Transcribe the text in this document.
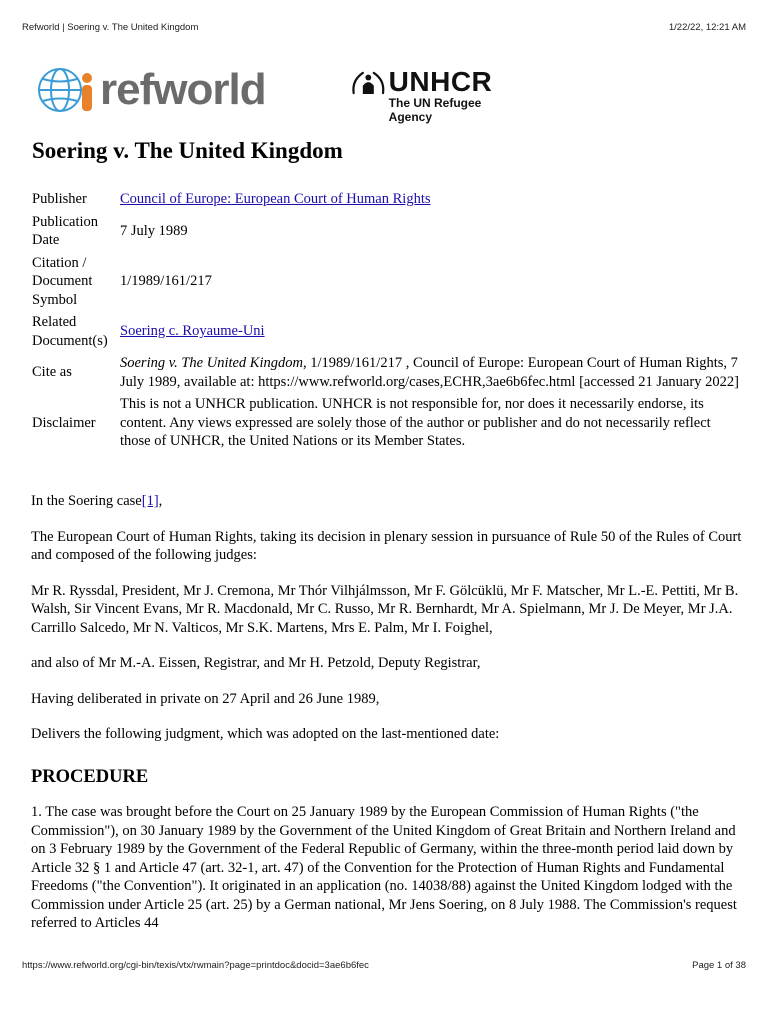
Refworld | Soering v. The United Kingdom	1/22/22, 12:21 AM
refworld	UNHCR
The UN Refugee Agency
Soering v. The United Kingdom
Publisher	Council of Europe: European Court of Human Rights
Publication
Date	7 July 1989
Citation /
Document
Symbol	1/1989/161/217
Related
Document(s)	Soering c. Royaume-Uni
Cite as	Soering v. The United Kingdom, 1/1989/161/217 , Council of Europe: European Court of Human Rights, 7 July 1989, available at: https://www.refworld.org/cases,ECHR,3ae6b6fec.html [accessed 21 January 2022]
Disclaimer	This is not a UNHCR publication. UNHCR is not responsible for, nor does it necessarily endorse, its content. Any views expressed are solely those of the author or publisher and do not necessarily reflect those of UNHCR, the United Nations or its Member States.

In the Soering case[1],

The European Court of Human Rights, taking its decision in plenary session in pursuance of Rule 50 of the Rules of Court and composed of the following judges:

Mr R. Ryssdal, President, Mr J. Cremona, Mr Thór Vilhjálmsson, Mr F. Gölcüklü, Mr F. Matscher, Mr L.-E. Pettiti, Mr B. Walsh, Sir Vincent Evans, Mr R. Macdonald, Mr C. Russo, Mr R. Bernhardt, Mr A. Spielmann, Mr J. De Meyer, Mr J.A. Carrillo Salcedo, Mr N. Valticos, Mr S.K. Martens, Mrs E. Palm, Mr I. Foighel,

and also of Mr M.-A. Eissen, Registrar, and Mr H. Petzold, Deputy Registrar,

Having deliberated in private on 27 April and 26 June 1989,

Delivers the following judgment, which was adopted on the last-mentioned date:

PROCEDURE

1. The case was brought before the Court on 25 January 1989 by the European Commission of Human Rights ("the Commission"), on 30 January 1989 by the Government of the United Kingdom of Great Britain and Northern Ireland and on 3 February 1989 by the Government of the Federal Republic of Germany, within the three-month period laid down by Article 32 § 1 and Article 47 (art. 32-1, art. 47) of the Convention for the Protection of Human Rights and Fundamental Freedoms ("the Convention"). It originated in an application (no. 14038/88) against the United Kingdom lodged with the Commission under Article 25 (art. 25) by a German national, Mr Jens Soering, on 8 July 1988. The Commission's request referred to Articles 44

https://www.refworld.org/cgi-bin/texis/vtx/rwmain?page=printdoc&docid=3ae6b6fec	Page 1 of 38
